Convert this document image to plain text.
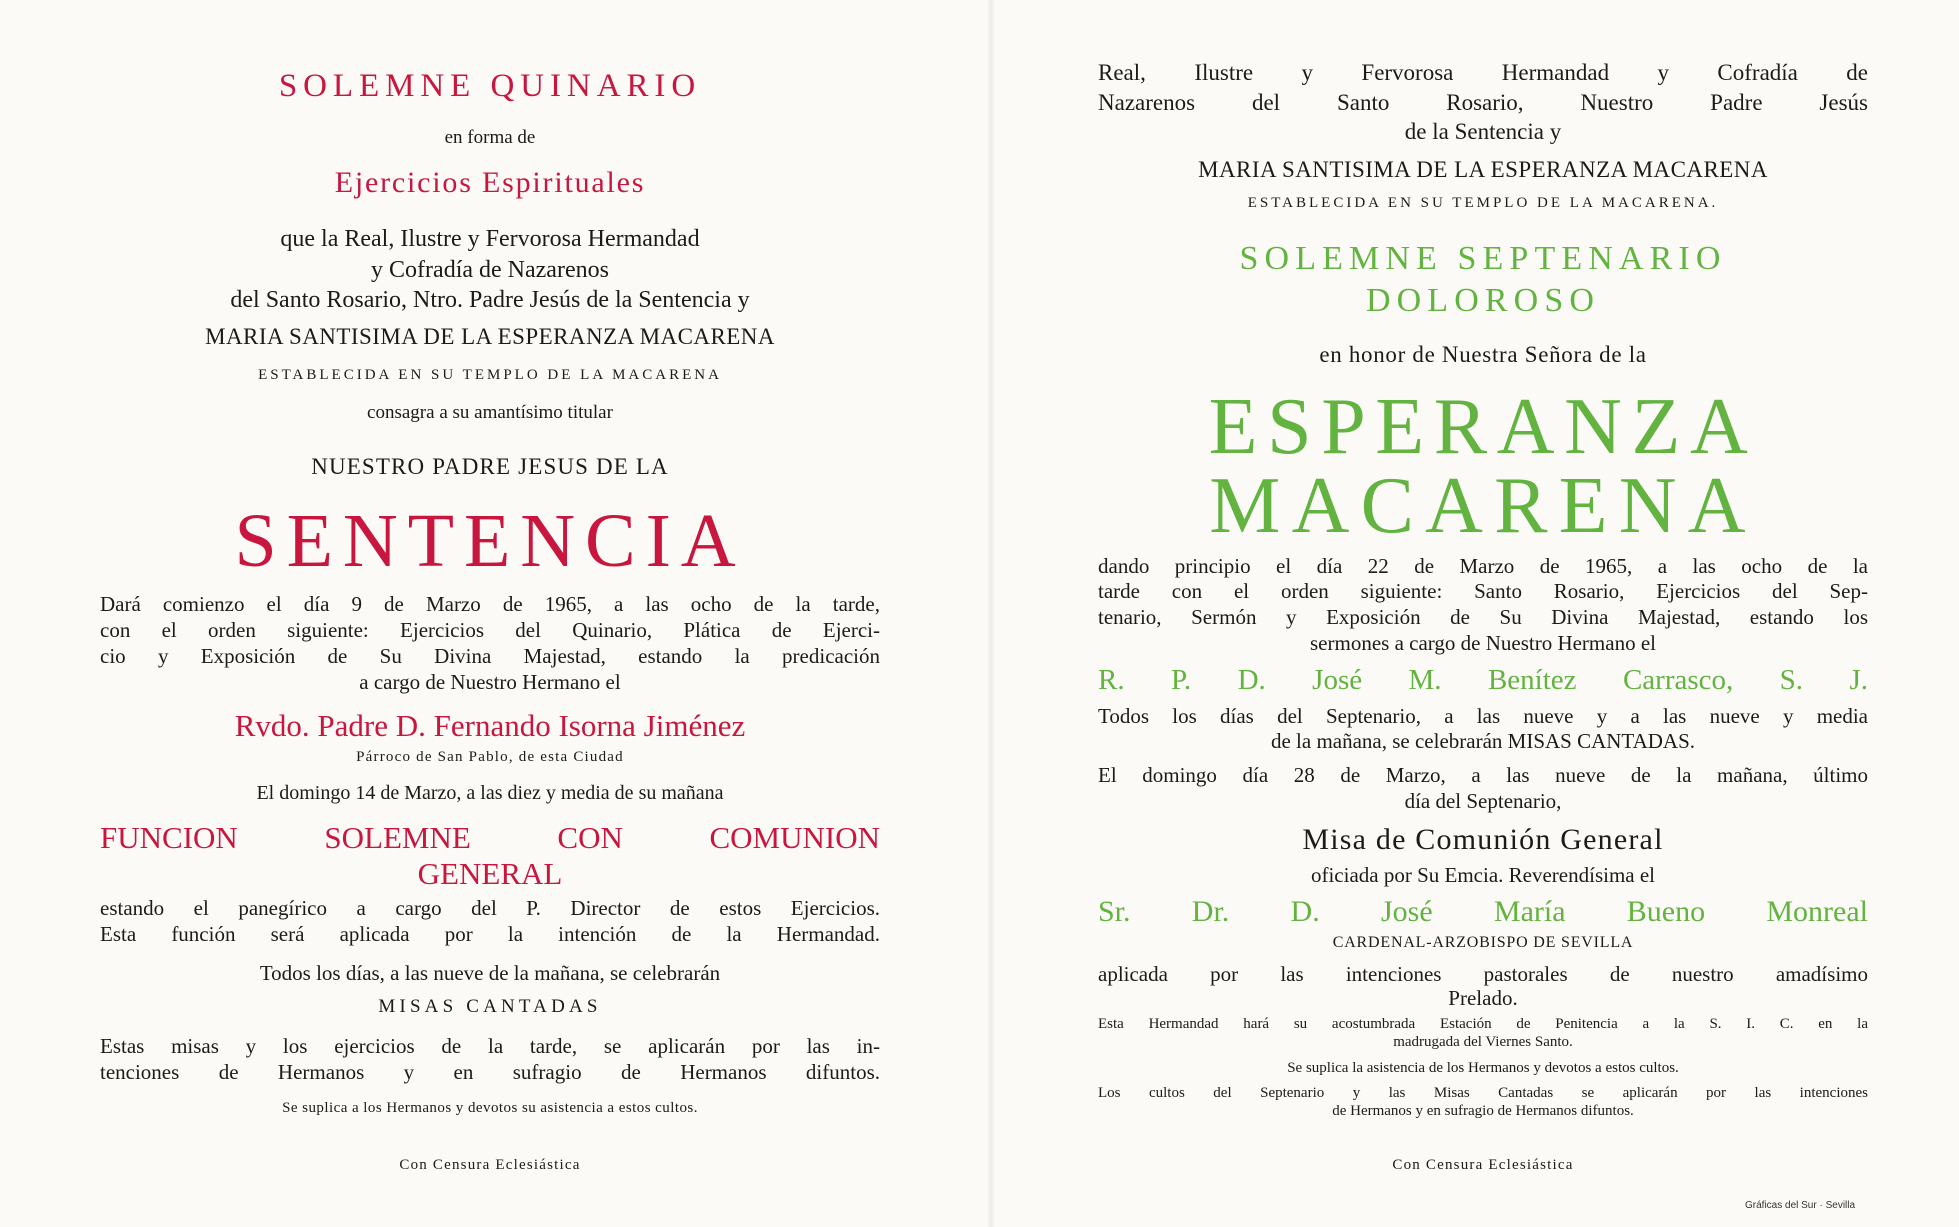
SOLEMNE QUINARIO
en forma de
Ejercicios Espirituales
que la Real, Ilustre y Fervorosa Hermandad
y Cofradía de Nazarenos
del Santo Rosario, Ntro. Padre Jesús de la Sentencia y
MARIA SANTISIMA DE LA ESPERANZA MACARENA
ESTABLECIDA EN SU TEMPLO DE LA MACARENA
consagra a su amantísimo titular
NUESTRO PADRE JESUS DE LA
SENTENCIA
Dará comienzo el día 9 de Marzo de 1965, a las ocho de la tarde,
con el orden siguiente: Ejercicios del Quinario, Plática de Ejerci-
cio y Exposición de Su Divina Majestad, estando la predicación
a cargo de Nuestro Hermano el
Rvdo. Padre D. Fernando Isorna Jiménez
Párroco de San Pablo, de esta Ciudad
El domingo 14 de Marzo, a las diez y media de su mañana
FUNCION SOLEMNE CON COMUNION
GENERAL
estando el panegírico a cargo del P. Director de estos Ejercicios.
Esta función será aplicada por la intención de la Hermandad.
Todos los días, a las nueve de la mañana, se celebrarán
MISAS CANTADAS
Estas misas y los ejercicios de la tarde, se aplicarán por las in-
tenciones de Hermanos y en sufragio de Hermanos difuntos.
Se suplica a los Hermanos y devotos su asistencia a estos cultos.
Con Censura Eclesiástica
Real, Ilustre y Fervorosa Hermandad y Cofradía de
Nazarenos del Santo Rosario, Nuestro Padre Jesús
de la Sentencia y
MARIA SANTISIMA DE LA ESPERANZA MACARENA
ESTABLECIDA EN SU TEMPLO DE LA MACARENA.
SOLEMNE SEPTENARIO
DOLOROSO
en honor de Nuestra Señora de la
ESPERANZA
MACARENA
dando principio el día 22 de Marzo de 1965, a las ocho de la
tarde con el orden siguiente: Santo Rosario, Ejercicios del Sep-
tenario, Sermón y Exposición de Su Divina Majestad, estando los
sermones a cargo de Nuestro Hermano el
R. P. D. José M. Benítez Carrasco, S. J.
Todos los días del Septenario, a las nueve y a las nueve y media
de la mañana, se celebrarán MISAS CANTADAS.
El domingo día 28 de Marzo, a las nueve de la mañana, último
día del Septenario,
Misa de Comunión General
oficiada por Su Emcia. Reverendísima el
Sr. Dr. D. José María Bueno Monreal
CARDENAL-ARZOBISPO DE SEVILLA
aplicada por las intenciones pastorales de nuestro amadísimo
Prelado.
Esta Hermandad hará su acostumbrada Estación de Penitencia a la S. I. C. en la
madrugada del Viernes Santo.
Se suplica la asistencia de los Hermanos y devotos a estos cultos.
Los cultos del Septenario y las Misas Cantadas se aplicarán por las intenciones
de Hermanos y en sufragio de Hermanos difuntos.
Con Censura Eclesiástica
Gráficas del Sur · Sevilla
